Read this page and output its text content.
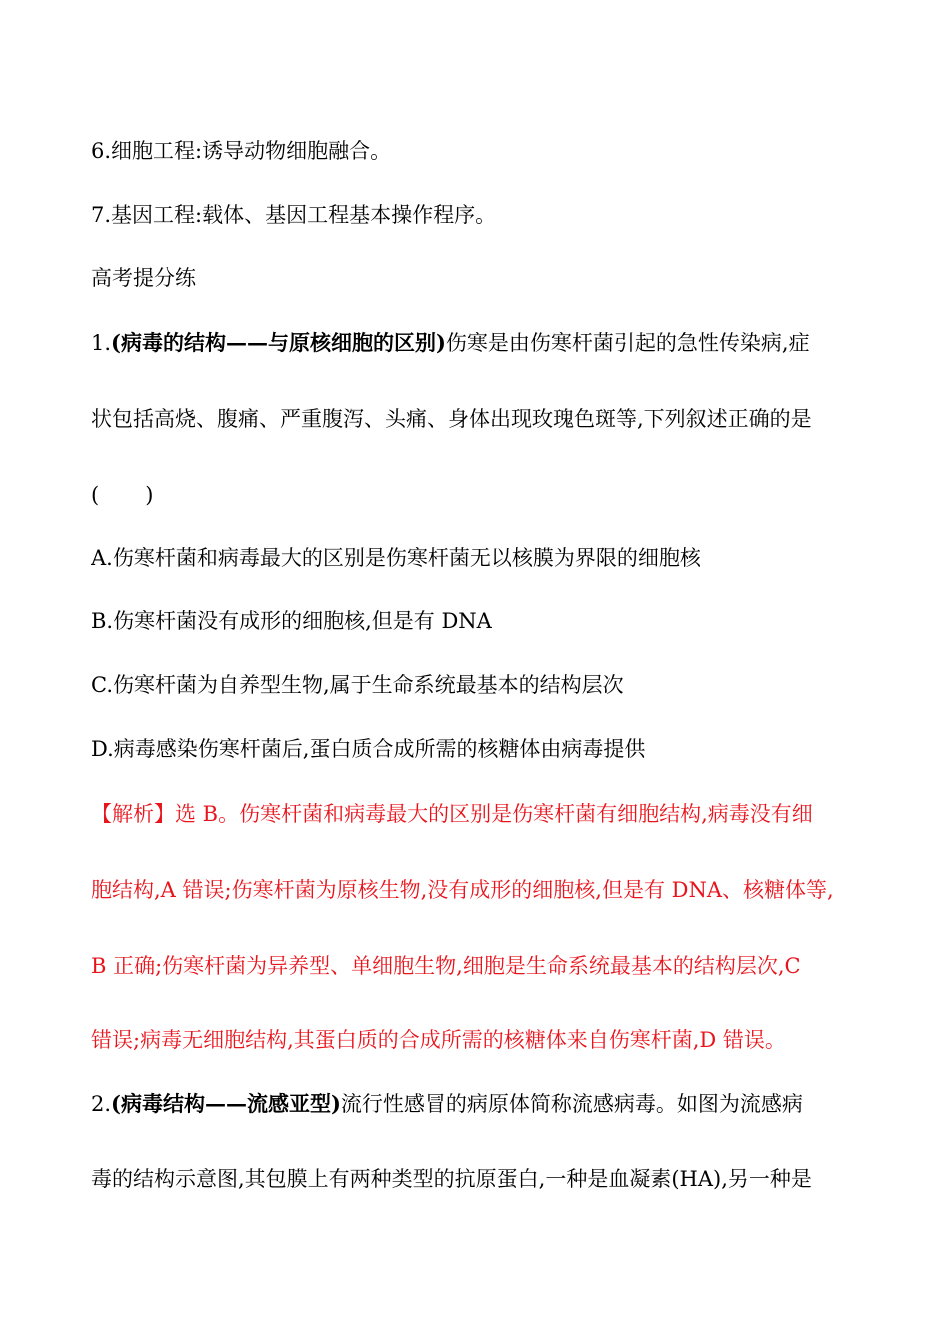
6.细胞工程:诱导动物细胞融合。
7.基因工程:载体、基因工程基本操作程序。
高考提分练
1.(病毒的结构——与原核细胞的区别)伤寒是由伤寒杆菌引起的急性传染病,症
状包括高烧、腹痛、严重腹泻、头痛、身体出现玫瑰色斑等,下列叙述正确的是
( )
A.伤寒杆菌和病毒最大的区别是伤寒杆菌无以核膜为界限的细胞核
B.伤寒杆菌没有成形的细胞核,但是有 DNA
C.伤寒杆菌为自养型生物,属于生命系统最基本的结构层次
D.病毒感染伤寒杆菌后,蛋白质合成所需的核糖体由病毒提供
【解析】选 B。伤寒杆菌和病毒最大的区别是伤寒杆菌有细胞结构,病毒没有细
胞结构,A 错误;伤寒杆菌为原核生物,没有成形的细胞核,但是有 DNA、核糖体等,
B 正确;伤寒杆菌为异养型、单细胞生物,细胞是生命系统最基本的结构层次,C
错误;病毒无细胞结构,其蛋白质的合成所需的核糖体来自伤寒杆菌,D 错误。
2.(病毒结构——流感亚型)流行性感冒的病原体简称流感病毒。如图为流感病
毒的结构示意图,其包膜上有两种类型的抗原蛋白,一种是血凝素(HA),另一种是
